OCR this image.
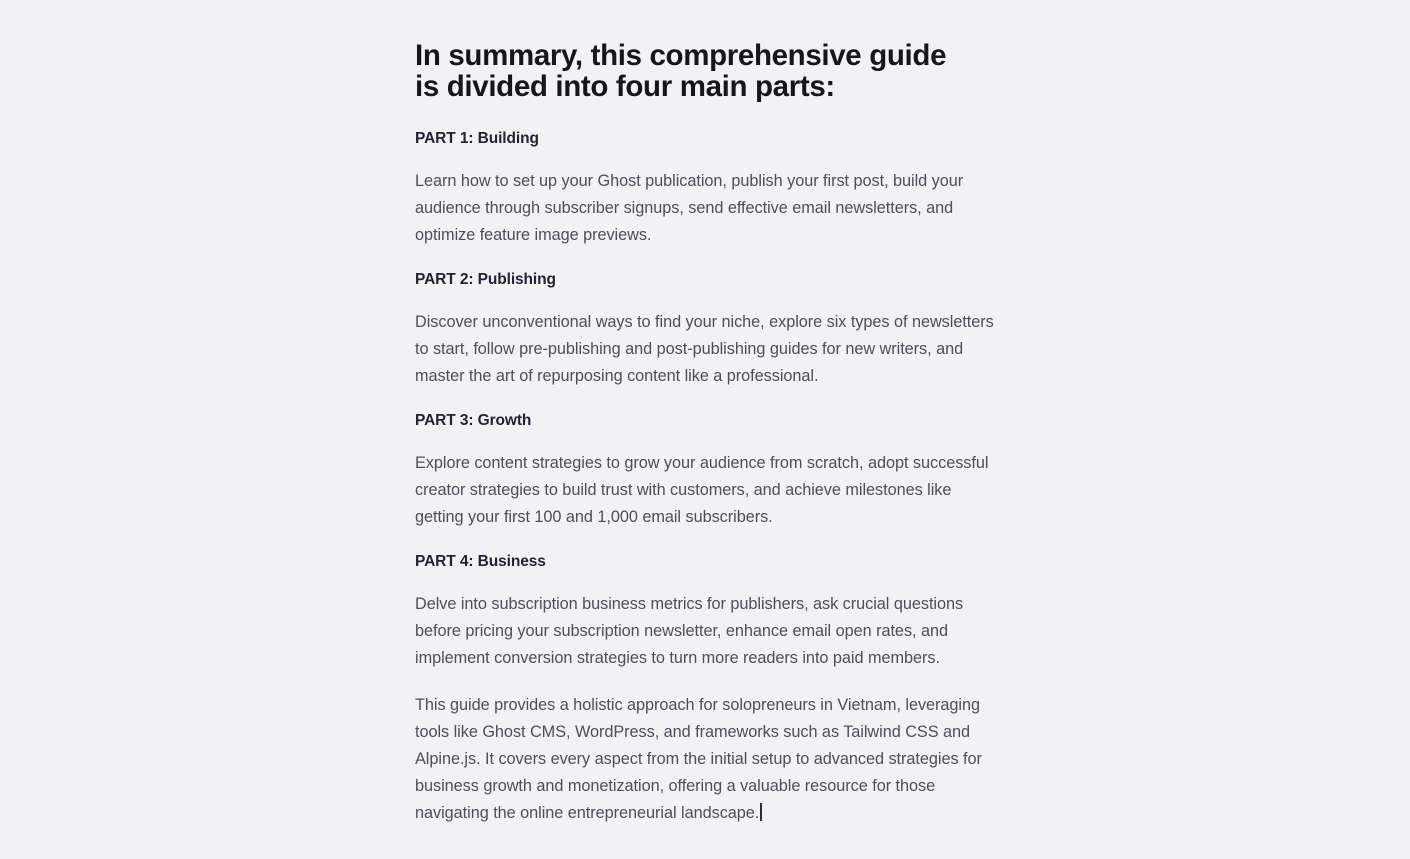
In summary, this comprehensive guide is divided into four main parts:
PART 1: Building

Learn how to set up your Ghost publication, publish your first post, build your audience through subscriber signups, send effective email newsletters, and optimize feature image previews.

PART 2: Publishing

Discover unconventional ways to find your niche, explore six types of newsletters to start, follow pre-publishing and post-publishing guides for new writers, and master the art of repurposing content like a professional.

PART 3: Growth

Explore content strategies to grow your audience from scratch, adopt successful creator strategies to build trust with customers, and achieve milestones like getting your first 100 and 1,000 email subscribers.

PART 4: Business

Delve into subscription business metrics for publishers, ask crucial questions before pricing your subscription newsletter, enhance email open rates, and implement conversion strategies to turn more readers into paid members.

This guide provides a holistic approach for solopreneurs in Vietnam, leveraging tools like Ghost CMS, WordPress, and frameworks such as Tailwind CSS and Alpine.js. It covers every aspect from the initial setup to advanced strategies for business growth and monetization, offering a valuable resource for those navigating the online entrepreneurial landscape.
